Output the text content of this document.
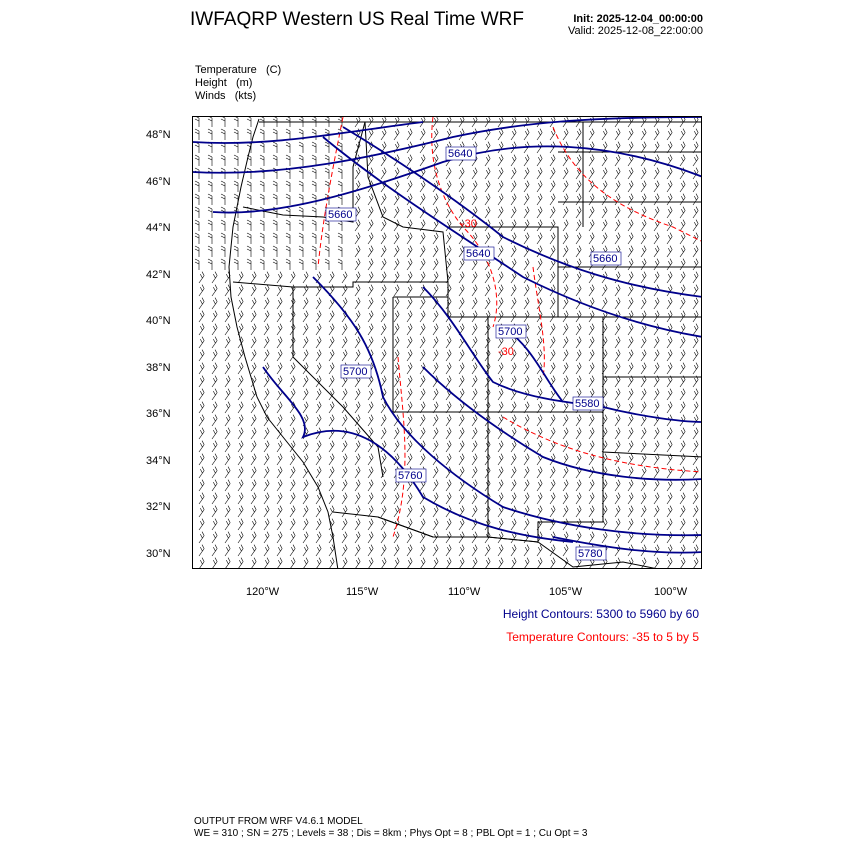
IWFAQRP Western US Real Time WRF	Init: 2025-12-04_00:00:00
Valid: 2025-12-08_22:00:00
Temperature (C)
Height (m)
Winds (kts)
48°N
46°N
44°N
42°N
40°N
38°N
36°N
34°N
32°N
30°N
120°W	115°W	110°W	105°W	100°W
5640
5660
5640	5660
5700
5700
5760
5580
5780
-30
-30
Height Contours: 5300 to 5960 by 60
Temperature Contours: -35 to 5 by 5
OUTPUT FROM WRF V4.6.1 MODEL
WE = 310 ; SN = 275 ; Levels = 38 ; Dis = 8km ; Phys Opt = 8 ; PBL Opt = 1 ; Cu Opt = 3
